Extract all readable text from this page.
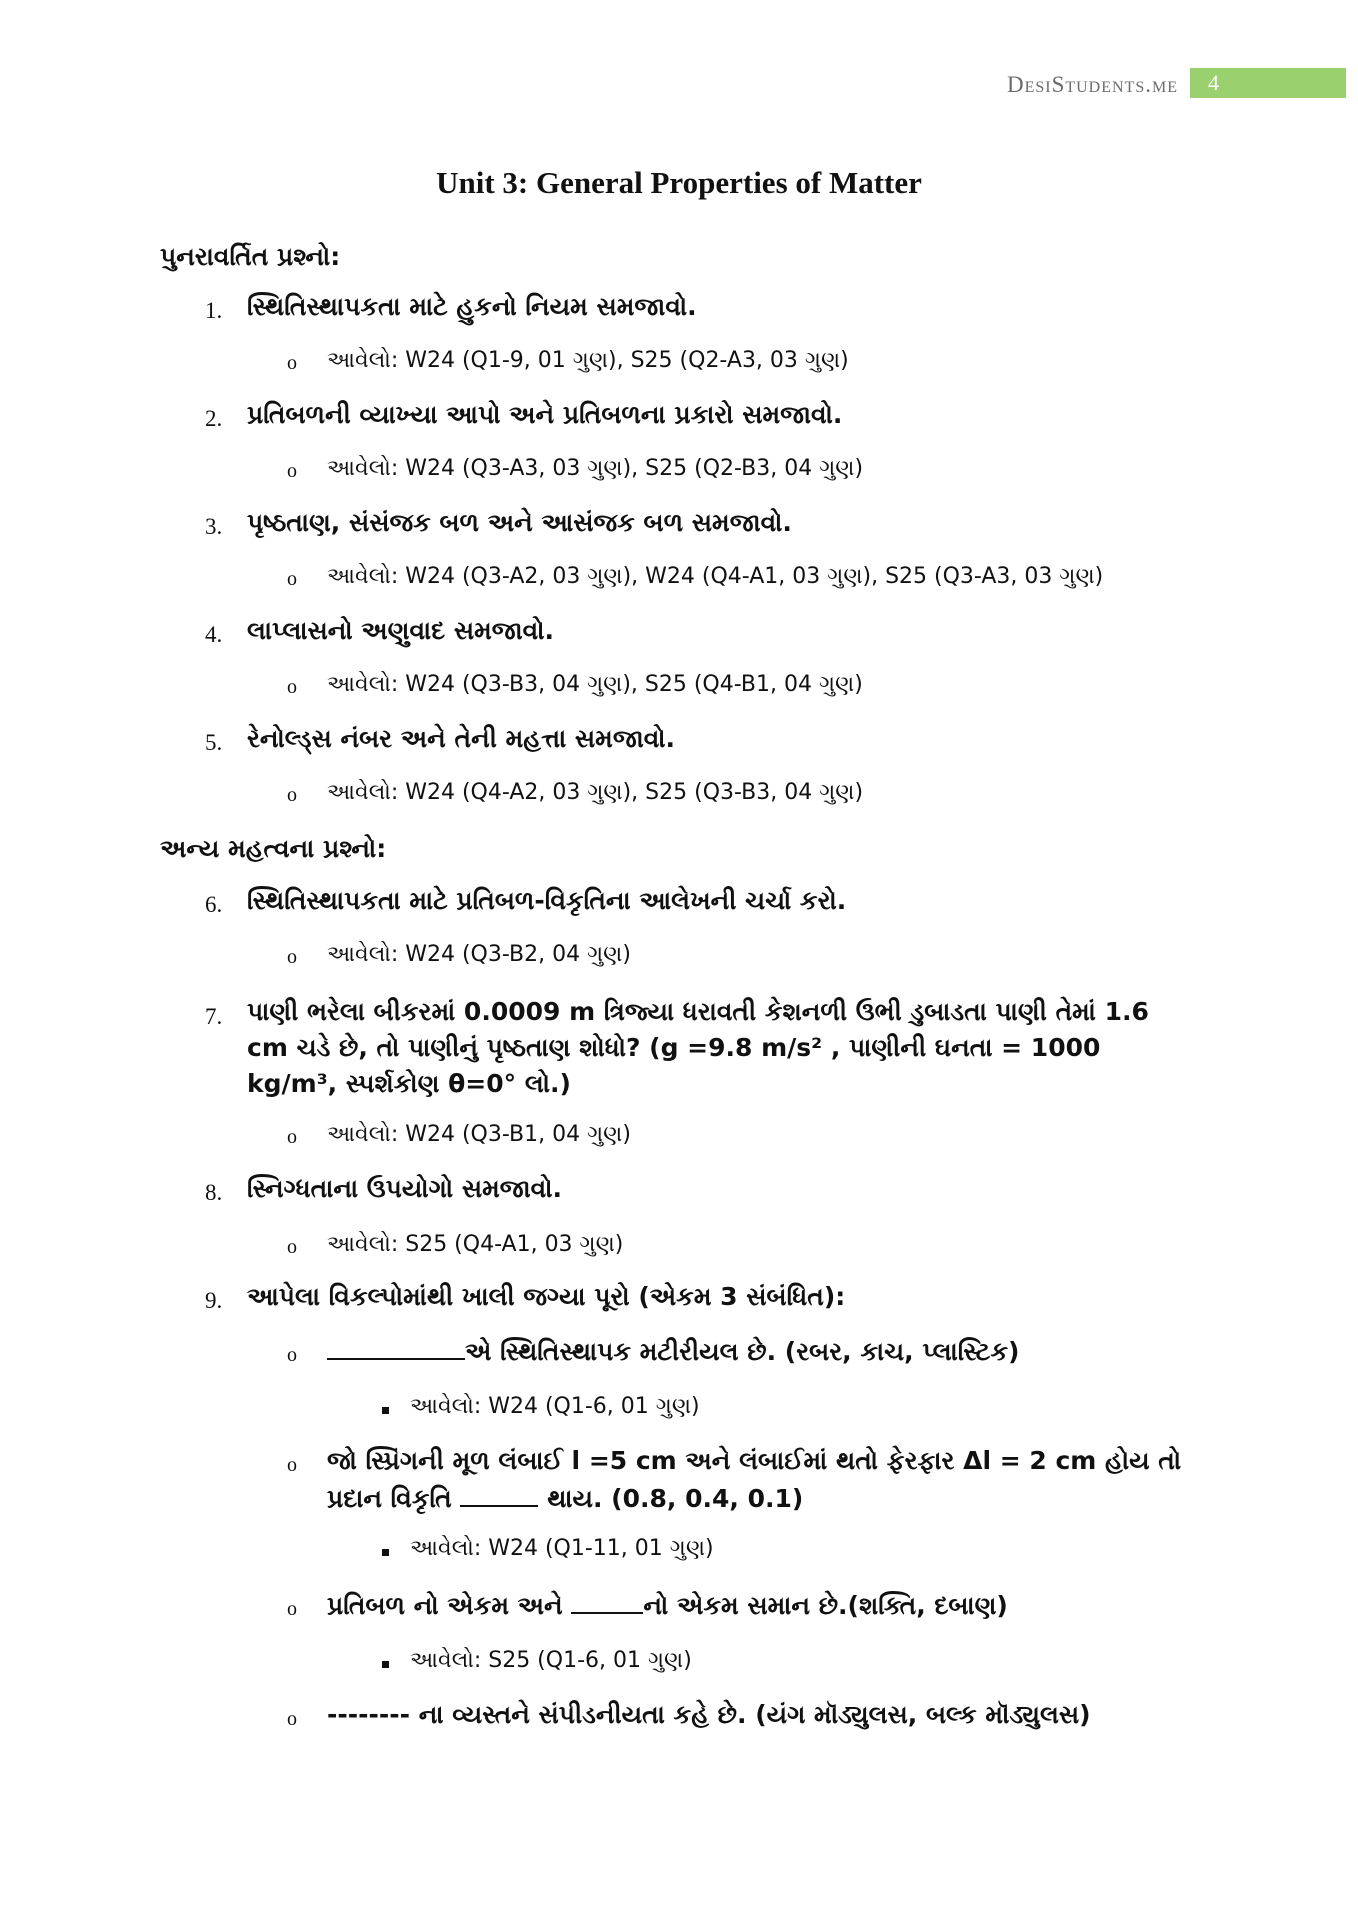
DesiStudents.me 4
Unit 3: General Properties of Matter
પુનરાવર્તિત પ્રશ્નો:
1. સ્થિતિસ્થાપકતા માટે હુકનો નિયમ સમજાવો.
o આવેલો: W24 (Q1-9, 01 ગુણ), S25 (Q2-A3, 03 ગુણ)
2. પ્રતિબળની વ્યાખ્યા આપો અને પ્રતિબળના પ્રકારો સમજાવો.
o આવેલો: W24 (Q3-A3, 03 ગુણ), S25 (Q2-B3, 04 ગુણ)
3. પૃષ્ઠતાણ, સંસંજક બળ અને આસંજક બળ સમજાવો.
o આવેલો: W24 (Q3-A2, 03 ગુણ), W24 (Q4-A1, 03 ગુણ), S25 (Q3-A3, 03 ગુણ)
4. લાપ્લાસનો અણુવાદ સમજાવો.
o આવેલો: W24 (Q3-B3, 04 ગુણ), S25 (Q4-B1, 04 ગુણ)
5. રેનોલ્ડ્સ નંબર અને તેની મહત્તા સમજાવો.
o આવેલો: W24 (Q4-A2, 03 ગુણ), S25 (Q3-B3, 04 ગુણ)
અન્ય મહત્વના પ્રશ્નો:
6. સ્થિતિસ્થાપકતા માટે પ્રતિબળ-વિકૃતિના આલેખની ચર્ચા કરો.
o આવેલો: W24 (Q3-B2, 04 ગુણ)
7. પાણી ભરેલા બીકરમાં 0.0009 m ત્રિજ્યા ધરાવતી કેશનળી ઉભી ડુબાડતા પાણી તેમાં 1.6 cm ચડે છે, તો પાણીનું પૃષ્ઠતાણ શોધો? (g =9.8 m/s² , પાણીની ઘનતા = 1000 kg/m³, સ્પર્શકોણ θ=0° લો.)
o આવેલો: W24 (Q3-B1, 04 ગુણ)
8. સ્નિગ્ધતાના ઉપયોગો સમજાવો.
o આવેલો: S25 (Q4-A1, 03 ગુણ)
9. આપેલા વિકલ્પોમાંથી ખાલી જગ્યા પૂરો (એકમ 3 સંબંધિત):
o	એ સ્થિતિસ્થાપક મટીરીયલ છે. (રબર, કાચ, પ્લાસ્ટિક)
આવેલો: W24 (Q1-6, 01 ગુણ)
o જો સ્પ્રિંગની મૂળ લંબાઈ l =5 cm અને લંબાઈમાં થતો ફેરફાર Δl = 2 cm હોય તો પ્રદાન વિકૃતિ	થાય. (0.8, 0.4, 0.1)
આવેલો: W24 (Q1-11, 01 ગુણ)
o પ્રતિબળ નો એકમ અને	નો એકમ સમાન છે.(શક્તિ, દબાણ)
આવેલો: S25 (Q1-6, 01 ગુણ)
o -------- ના વ્યસ્તને સંપીડનીયતા કહે છે. (યંગ મૉડ્યુલસ, બલ્ક મૉડ્યુલસ)
